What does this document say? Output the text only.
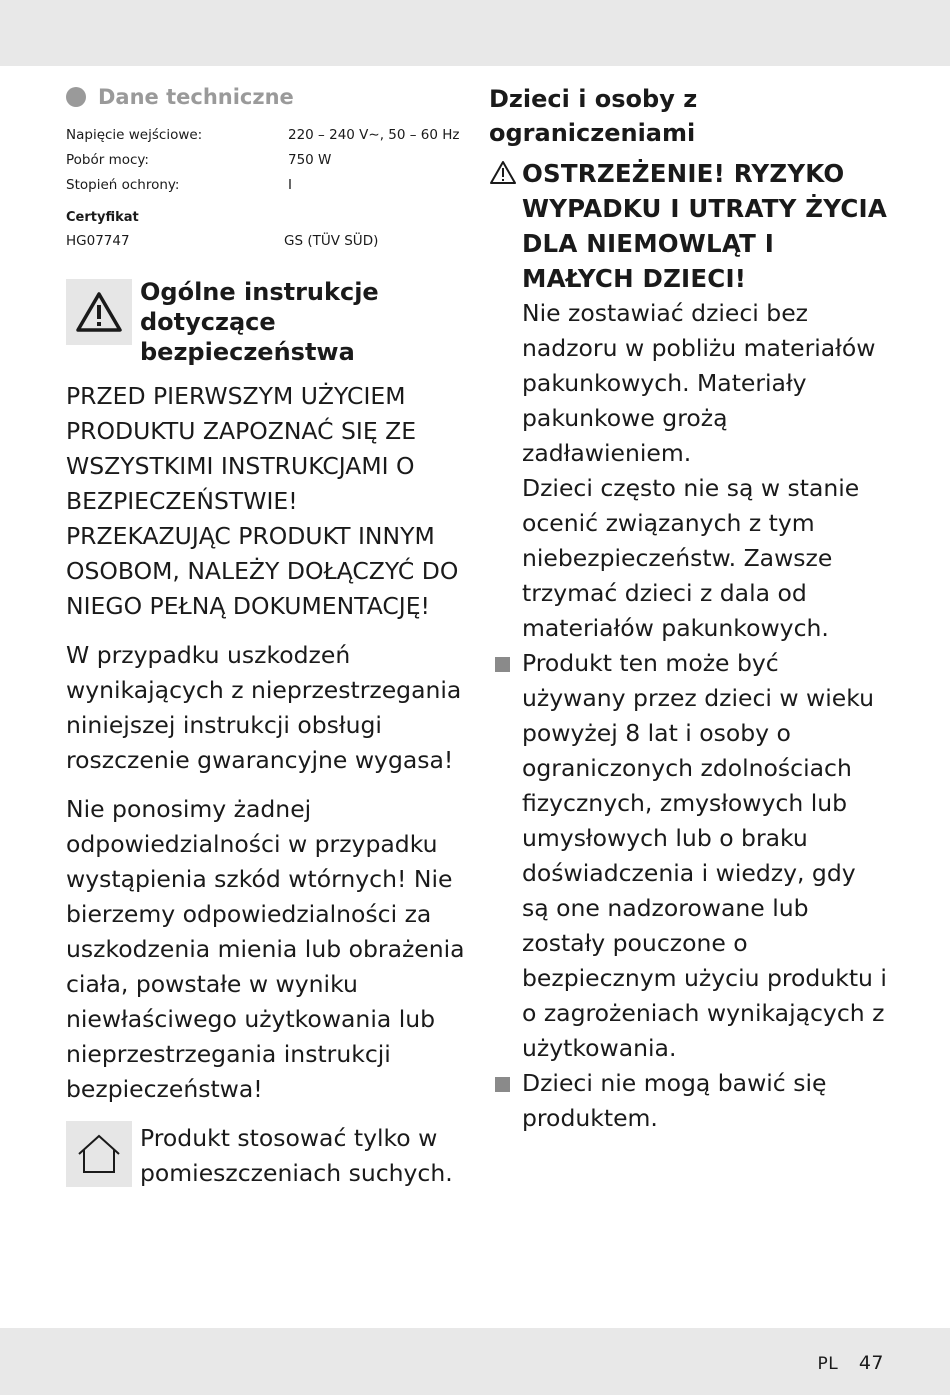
Dane techniczne
Napięcie wejściowe:	220 – 240 V∼, 50 – 60 Hz
Pobór mocy:	750 W
Stopień ochrony:	I
Certyfikat
HG07747	GS (TÜV SÜD)
Ogólne instrukcje dotyczące bezpieczeństwa
PRZED PIERWSZYM UŻYCIEM PRODUKTU ZAPOZNAĆ SIĘ ZE WSZYSTKIMI INSTRUKCJAMI O BEZPIECZEŃSTWIE! PRZEKAZUJĄC PRODUKT INNYM OSOBOM, NALEŻY DOŁĄCZYĆ DO NIEGO PEŁNĄ DOKUMENTACJĘ!
W przypadku uszkodzeń wynikających z nieprzestrzegania niniejszej instrukcji obsługi roszczenie gwarancyjne wygasa!
Nie ponosimy żadnej odpowiedzialności w przypadku wystąpienia szkód wtórnych! Nie bierzemy odpowiedzialności za uszkodzenia mienia lub obrażenia ciała, powstałe w wyniku niewłaściwego użytkowania lub nieprzestrzegania instrukcji bezpieczeństwa!
Produkt stosować tylko w pomieszczeniach suchych.
Dzieci i osoby z ograniczeniami
OSTRZEŻENIE! RYZYKO WYPADKU I UTRATY ŻYCIA DLA NIEMOWLĄT I MAŁYCH DZIECI!
Nie zostawiać dzieci bez nadzoru w pobliżu materiałów pakunkowych. Materiały pakunkowe grożą zadławieniem.
Dzieci często nie są w stanie ocenić związanych z tym niebezpieczeństw. Zawsze trzymać dzieci z dala od materiałów pakunkowych.
Produkt ten może być używany przez dzieci w wieku powyżej 8 lat i osoby o ograniczonych zdolnościach fizycznych, zmysłowych lub umysłowych lub o braku doświadczenia i wiedzy, gdy są one nadzorowane lub zostały pouczone o bezpiecznym użyciu produktu i o zagrożeniach wynikających z użytkowania.
Dzieci nie mogą bawić się produktem.
PL 47
